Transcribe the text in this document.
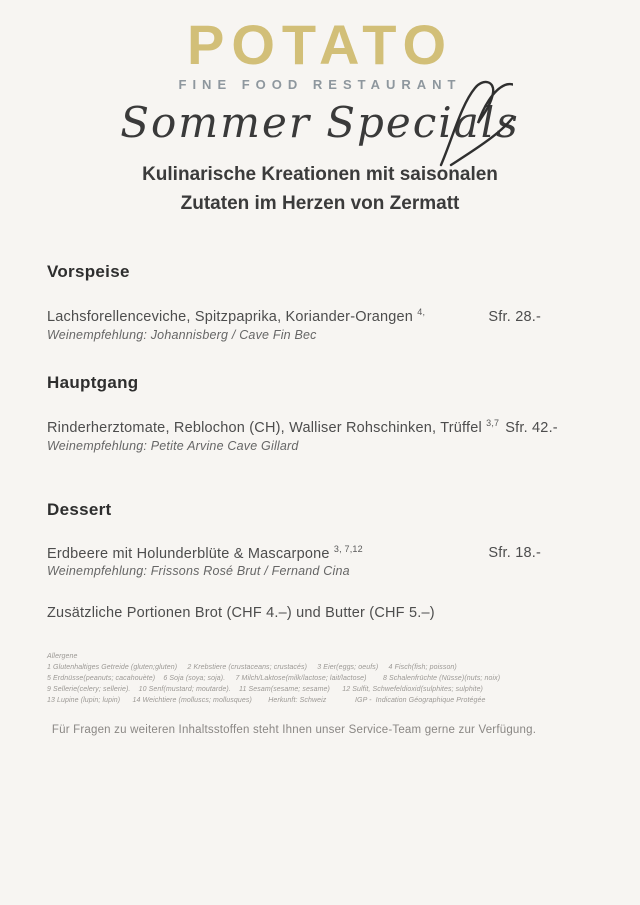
POTATO
FINE FOOD RESTAURANT
Sommer Specials
Kulinarische Kreationen mit saisonalen
Zutaten im Herzen von Zermatt
Vorspeise
Lachsforellenceviche, Spitzpaprika, Koriander-Orangen $^{4,}$	Sfr. 28.-
Weinempfehlung: Johannisberg / Cave Fin Bec
Hauptgang
Rinderherztomate, Reblochon (CH), Walliser Rohschinken, Trüffel $^{3,7}$ Sfr. 42.-
Weinempfehlung: Petite Arvine Cave Gillard
Dessert
Erdbeere mit Holunderblüte & Mascarpone $^{3, 7,12}$	Sfr. 18.-
Weinempfehlung: Frissons Rosé Brut / Fernand Cina
Zusätzliche Portionen Brot (CHF 4.–) und Butter (CHF 5.–)
Allergene
1 Glutenhaltiges Getreide (gluten;gluten)     2 Krebstiere (crustaceans; crustacés)     3 Eier(eggs; oeufs)     4 Fisch(fish; poisson)
5 Erdnüsse(peanuts; cacahouète)    6 Soja (soya; soja).     7 Milch/Laktose(milk/lactose; lait/lactose)        8 Schalenfrüchte (Nüsse)(nuts; noix)
9 Sellerie(celery; sellerie).    10 Senf(mustard; moutarde).    11 Sesam(sesame; sesame)      12 Sulfit, Schwefeldioxid(sulphites; sulphite)
13 Lupine (lupin; lupin)      14 Weichtiere (molluscs; mollusques)        Herkunft: Schweiz              IGP -  Indication Géographique Protégée
Für Fragen zu weiteren Inhaltsstoffen steht Ihnen unser Service-Team gerne zur Verfügung.
